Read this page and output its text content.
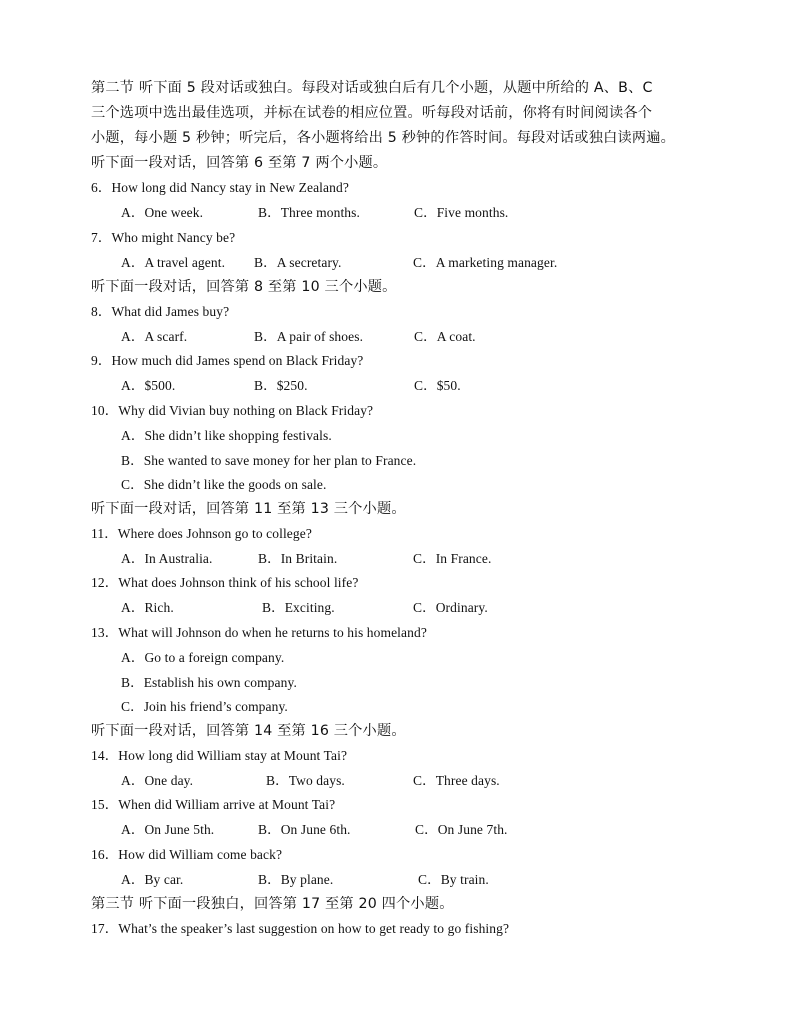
第二节 听下面 5 段对话或独白。每段对话或独白后有几个小题，从题中所给的 A、B、C
三个选项中选出最佳选项，并标在试卷的相应位置。听每段对话前，你将有时间阅读各个
小题，每小题 5 秒钟；听完后，各小题将给出 5 秒钟的作答时间。每段对话或独白读两遍。
听下面一段对话，回答第 6 至第 7 两个小题。
6．How long did Nancy stay in New Zealand?
A．One week.	B．Three months.	C．Five months.
7．Who might Nancy be?
A．A travel agent. B．A secretary.	C．A marketing manager.
听下面一段对话，回答第 8 至第 10 三个小题。
8．What did James buy?
A．A scarf.	B．A pair of shoes.	C．A coat.
9．How much did James spend on Black Friday?
A．$500.	B．$250.	C．$50.
10．Why did Vivian buy nothing on Black Friday?
A．She didn’t like shopping festivals.
B．She wanted to save money for her plan to France.
C．She didn’t like the goods on sale.
听下面一段对话，回答第 11 至第 13 三个小题。
11．Where does Johnson go to college?
A．In Australia.	B．In Britain.	C．In France.
12．What does Johnson think of his school life?
A．Rich.	B．Exciting.	C．Ordinary.
13．What will Johnson do when he returns to his homeland?
A．Go to a foreign company.
B．Establish his own company.
C．Join his friend’s company.
听下面一段对话，回答第 14 至第 16 三个小题。
14．How long did William stay at Mount Tai?
A．One day.	B．Two days.	C．Three days.
15．When did William arrive at Mount Tai?
A．On June 5th.	B．On June 6th.	C．On June 7th.
16．How did William come back?
A．By car.	B．By plane.	C．By train.
第三节 听下面一段独白，回答第 17 至第 20 四个小题。
17．What’s the speaker’s last suggestion on how to get ready to go fishing?
